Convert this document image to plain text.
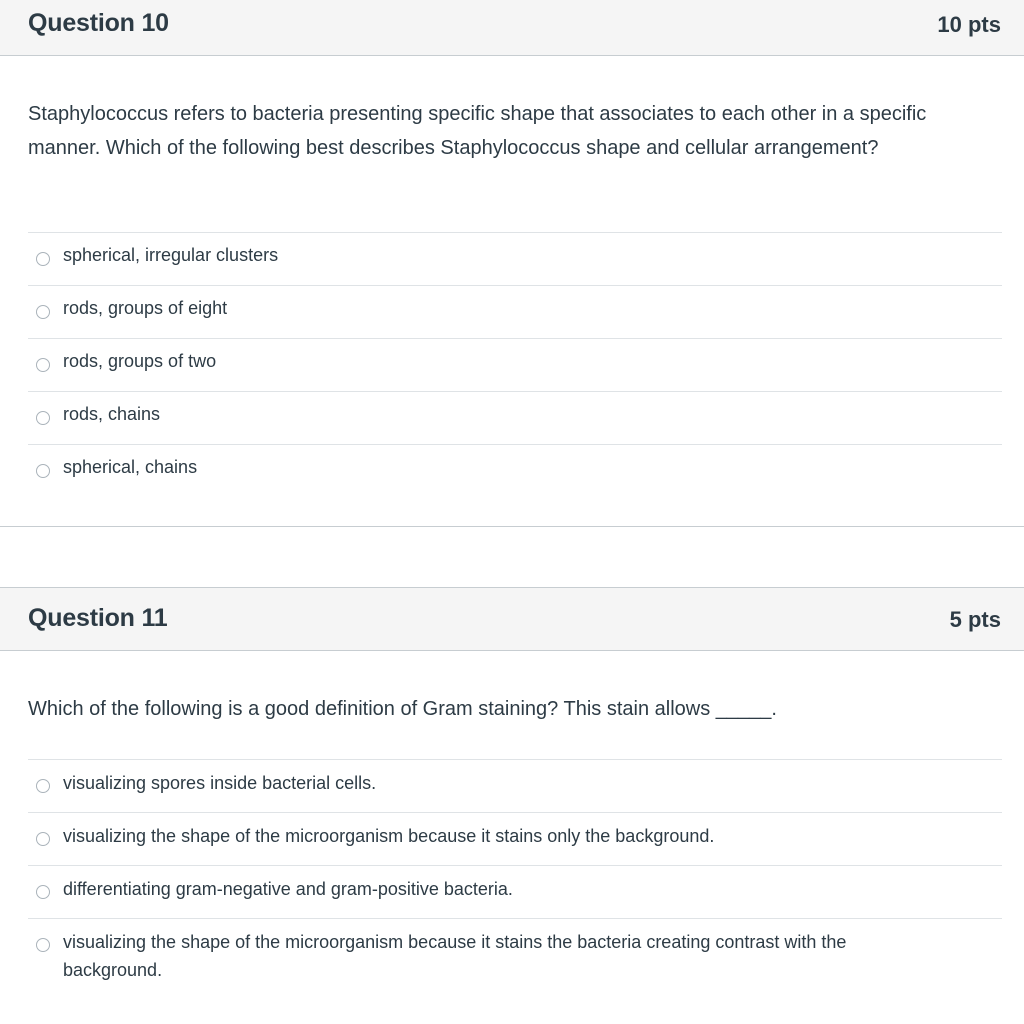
Question 10	10 pts
Staphylococcus refers to bacteria presenting specific shape that associates to each other in a specific manner. Which of the following best describes Staphylococcus shape and cellular arrangement?
spherical, irregular clusters
rods, groups of eight
rods, groups of two
rods, chains
spherical, chains
Question 11	5 pts
Which of the following is a good definition of Gram staining? This stain allows _____.
visualizing spores inside bacterial cells.
visualizing the shape of the microorganism because it stains only the background.
differentiating gram-negative and gram-positive bacteria.
visualizing the shape of the microorganism because it stains the bacteria creating contrast with the background.
